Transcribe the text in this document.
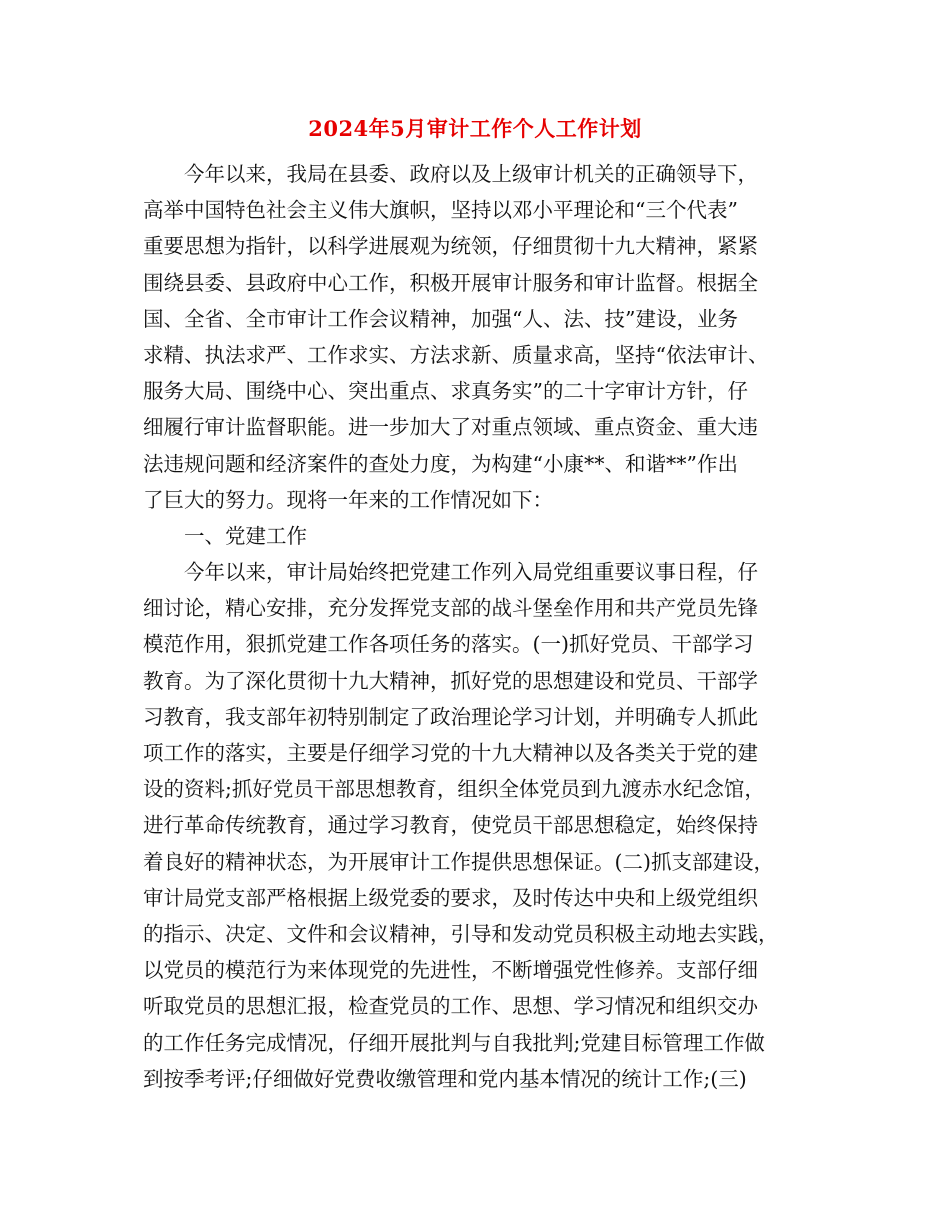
2024年5月审计工作个人工作计划
今年以来，我局在县委、政府以及上级审计机关的正确领导下，
高举中国特色社会主义伟大旗帜，坚持以邓小平理论和“三个代表”
重要思想为指针，以科学进展观为统领，仔细贯彻十九大精神，紧紧
围绕县委、县政府中心工作，积极开展审计服务和审计监督。根据全
国、全省、全市审计工作会议精神，加强“人、法、技”建设，业务
求精、执法求严、工作求实、方法求新、质量求高，坚持“依法审计、
服务大局、围绕中心、突出重点、求真务实”的二十字审计方针，仔
细履行审计监督职能。进一步加大了对重点领域、重点资金、重大违
法违规问题和经济案件的查处力度，为构建“小康**、和谐**”作出
了巨大的努力。现将一年来的工作情况如下：
一、党建工作
今年以来，审计局始终把党建工作列入局党组重要议事日程，仔
细讨论，精心安排，充分发挥党支部的战斗堡垒作用和共产党员先锋
模范作用，狠抓党建工作各项任务的落实。(一)抓好党员、干部学习
教育。为了深化贯彻十九大精神，抓好党的思想建设和党员、干部学
习教育，我支部年初特别制定了政治理论学习计划，并明确专人抓此
项工作的落实，主要是仔细学习党的十九大精神以及各类关于党的建
设的资料;抓好党员干部思想教育，组织全体党员到九渡赤水纪念馆，
进行革命传统教育，通过学习教育，使党员干部思想稳定，始终保持
着良好的精神状态，为开展审计工作提供思想保证。(二)抓支部建设，
审计局党支部严格根据上级党委的要求，及时传达中央和上级党组织
的指示、决定、文件和会议精神，引导和发动党员积极主动地去实践，
以党员的模范行为来体现党的先进性，不断增强党性修养。支部仔细
听取党员的思想汇报，检查党员的工作、思想、学习情况和组织交办
的工作任务完成情况，仔细开展批判与自我批判;党建目标管理工作做
到按季考评;仔细做好党费收缴管理和党内基本情况的统计工作;(三)
